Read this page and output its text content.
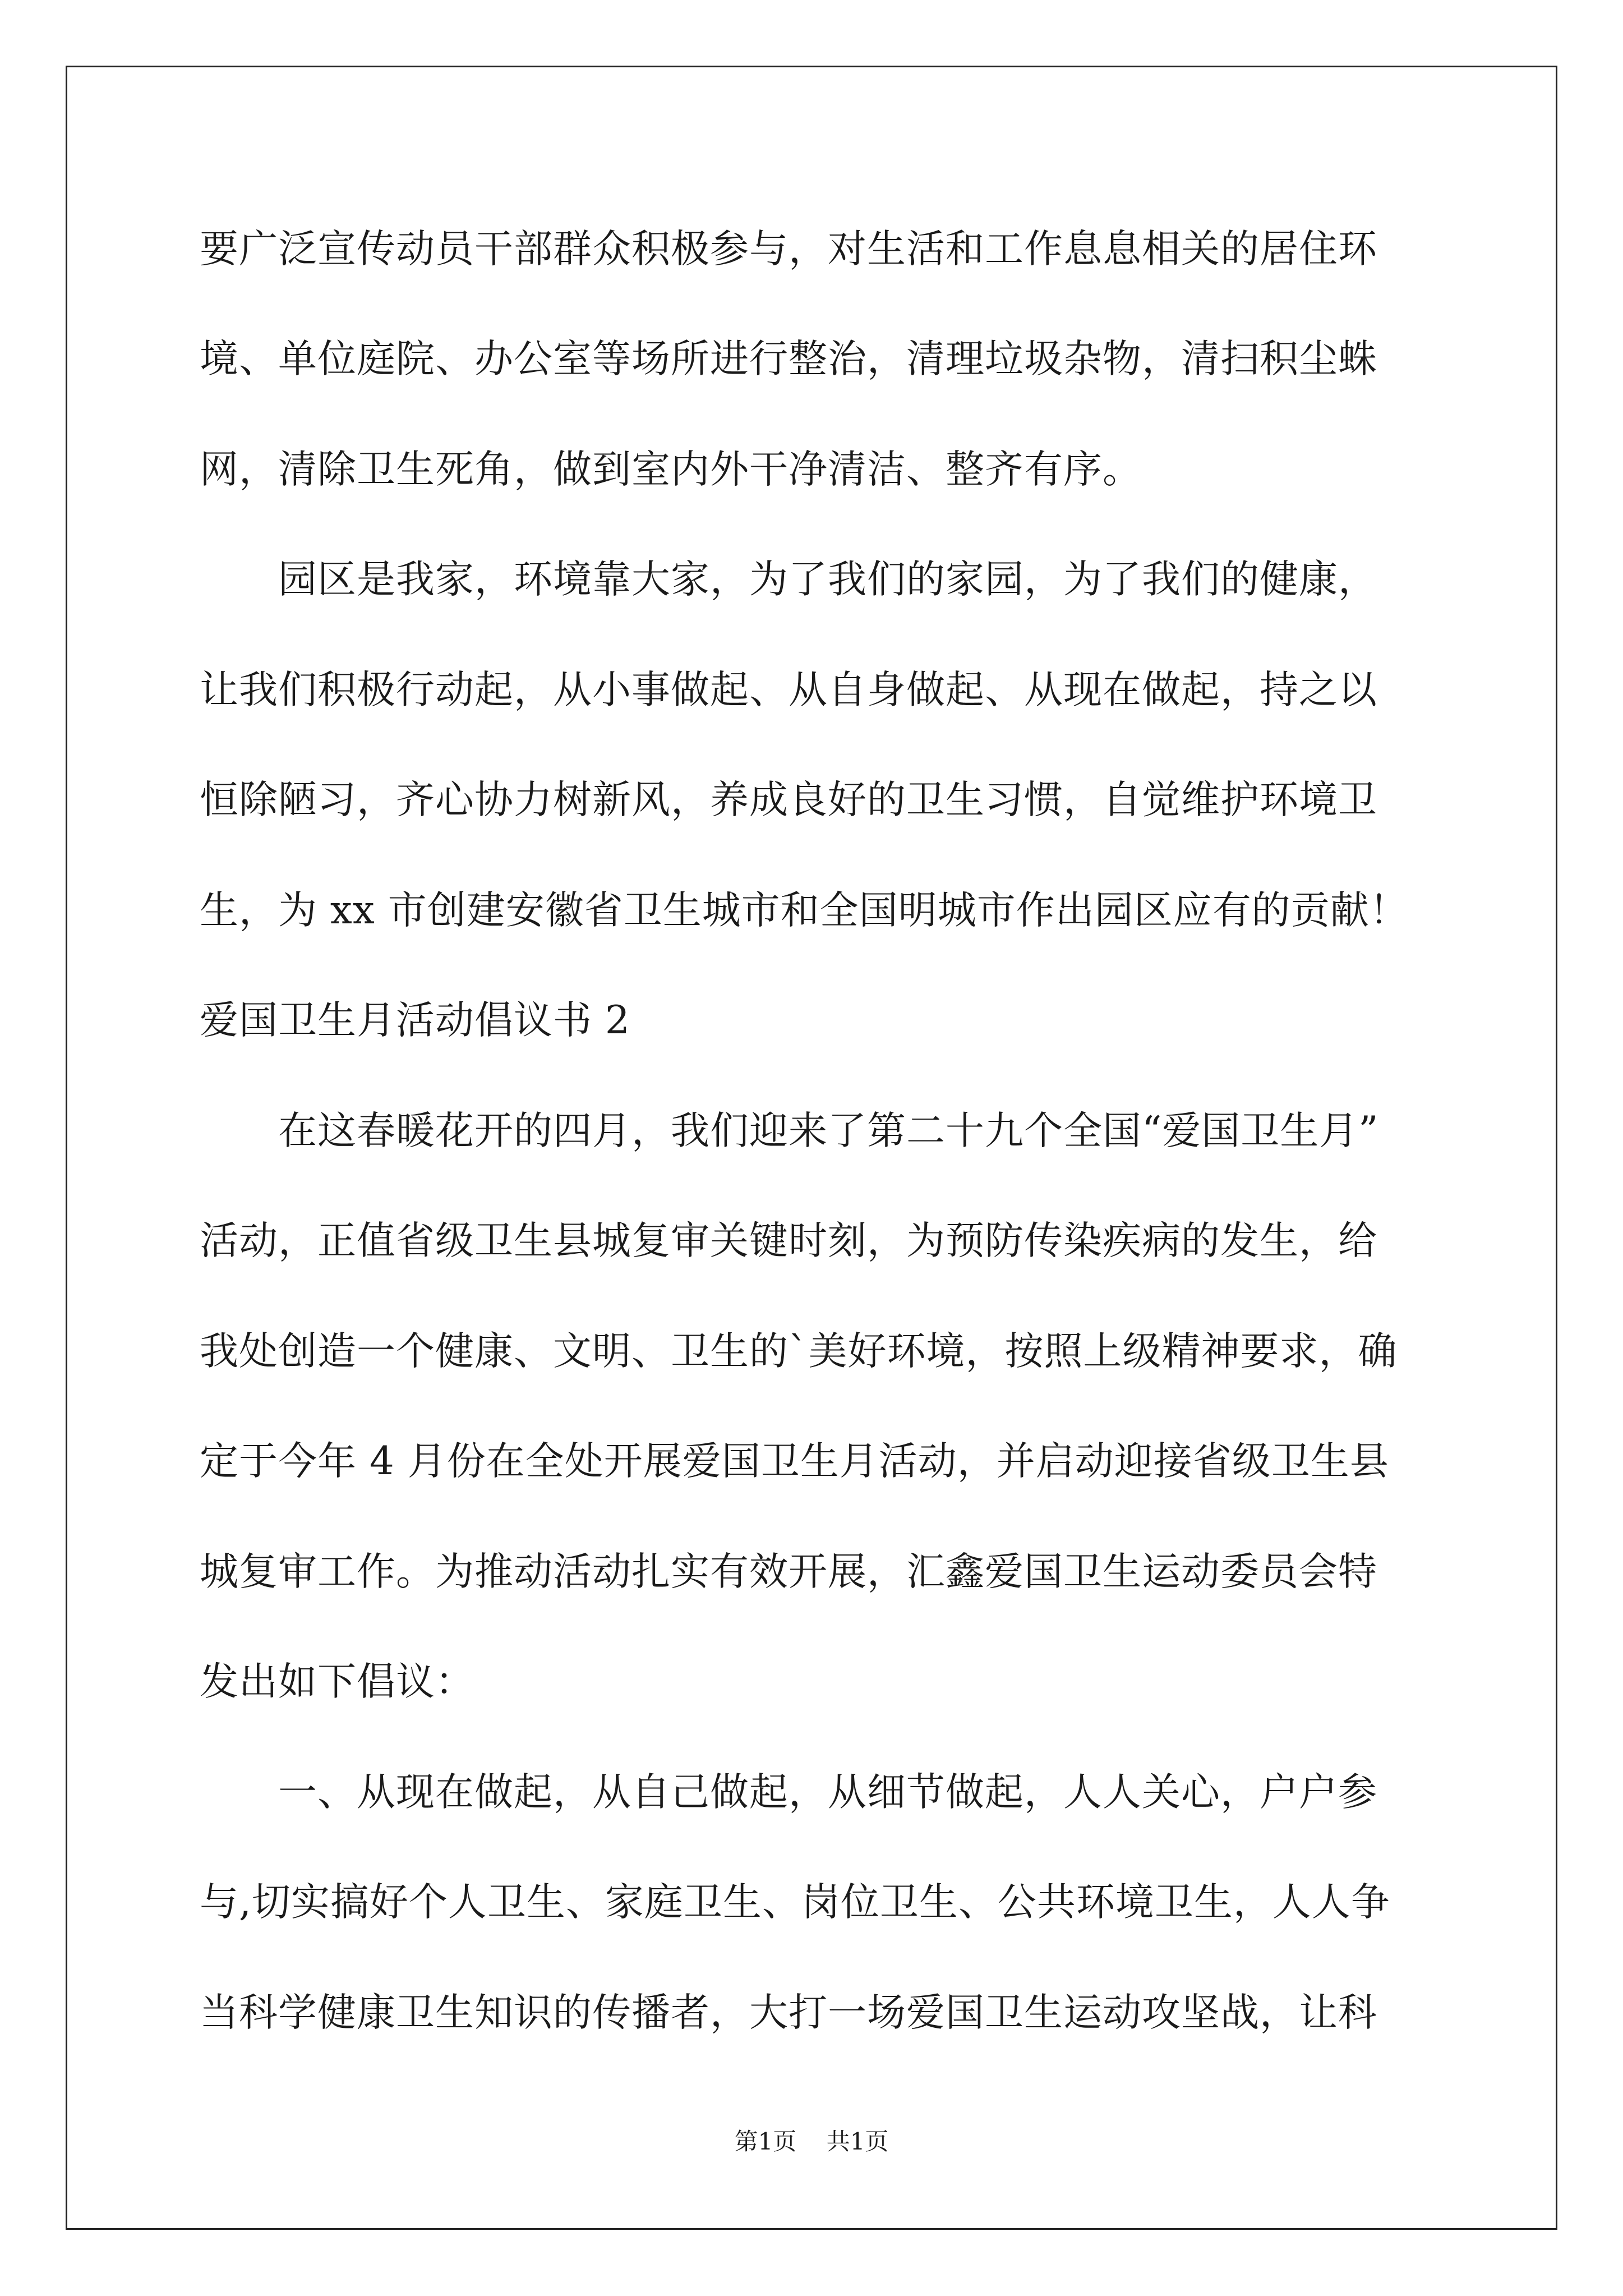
要广泛宣传动员干部群众积极参与，对生活和工作息息相关的居住环
境、单位庭院、办公室等场所进行整治，清理垃圾杂物，清扫积尘蛛
网，清除卫生死角，做到室内外干净清洁、整齐有序。
园区是我家，环境靠大家，为了我们的家园，为了我们的健康，
让我们积极行动起，从小事做起、从自身做起、从现在做起，持之以
恒除陋习，齐心协力树新风，养成良好的卫生习惯，自觉维护环境卫
生，为 xx 市创建安徽省卫生城市和全国明城市作出园区应有的贡献！
爱国卫生月活动倡议书 2
在这春暖花开的四月，我们迎来了第二十九个全国“爱国卫生月”
活动，正值省级卫生县城复审关键时刻，为预防传染疾病的发生，给
我处创造一个健康、文明、卫生的`美好环境，按照上级精神要求，确
定于今年 4 月份在全处开展爱国卫生月活动，并启动迎接省级卫生县
城复审工作。为推动活动扎实有效开展，汇鑫爱国卫生运动委员会特
发出如下倡议：
一、从现在做起，从自己做起，从细节做起，人人关心，户户参
与,切实搞好个人卫生、家庭卫生、岗位卫生、公共环境卫生，人人争
当科学健康卫生知识的传播者，大打一场爱国卫生运动攻坚战，让科
第1页 共1页
